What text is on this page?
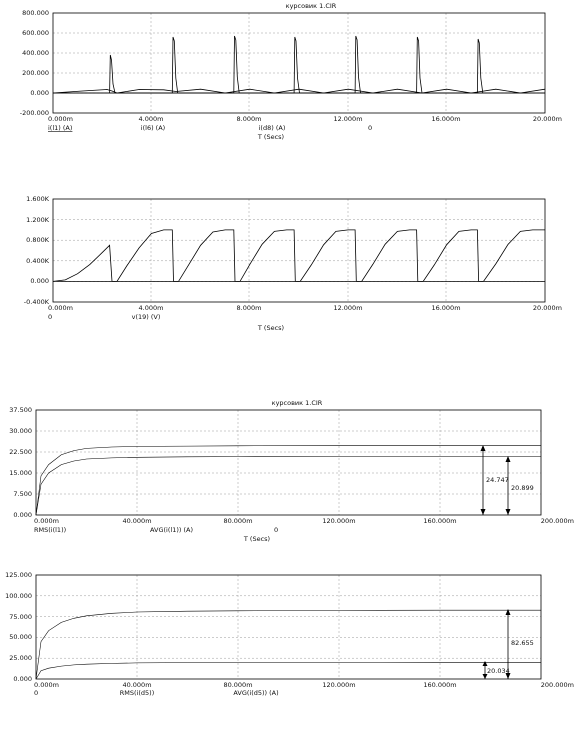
курсовик 1.CIR
800.000
600.000
400.000
200.000
0.000
-200.000
0.000m	4.000m	8.000m	12.000m	16.000m	20.000m
i(l1) (A)	i(l6) (A)	i(d8) (A)	0
T (Secs)
1.600K
1.200K
0.800K
0.400K
0.000
-0.400K
0.000m	4.000m	8.000m	12.000m	16.000m	20.000m
0	v(19) (V)
T (Secs)
курсовик 1.CIR
37.500
30.000
22.500
15.000
7.500
0.000
0.000m	40.000m	80.000m	120.000m	160.000m	200.000m
RMS(i(l1))	AVG(i(l1)) (A)	0
T (Secs)
24.747
20.899
125.000
100.000
75.000
50.000
25.000
0.000
0.000m	40.000m	80.000m	120.000m	160.000m	200.000m
0	RMS(i(d5))	AVG(i(d5)) (A)
82.655
20.034
